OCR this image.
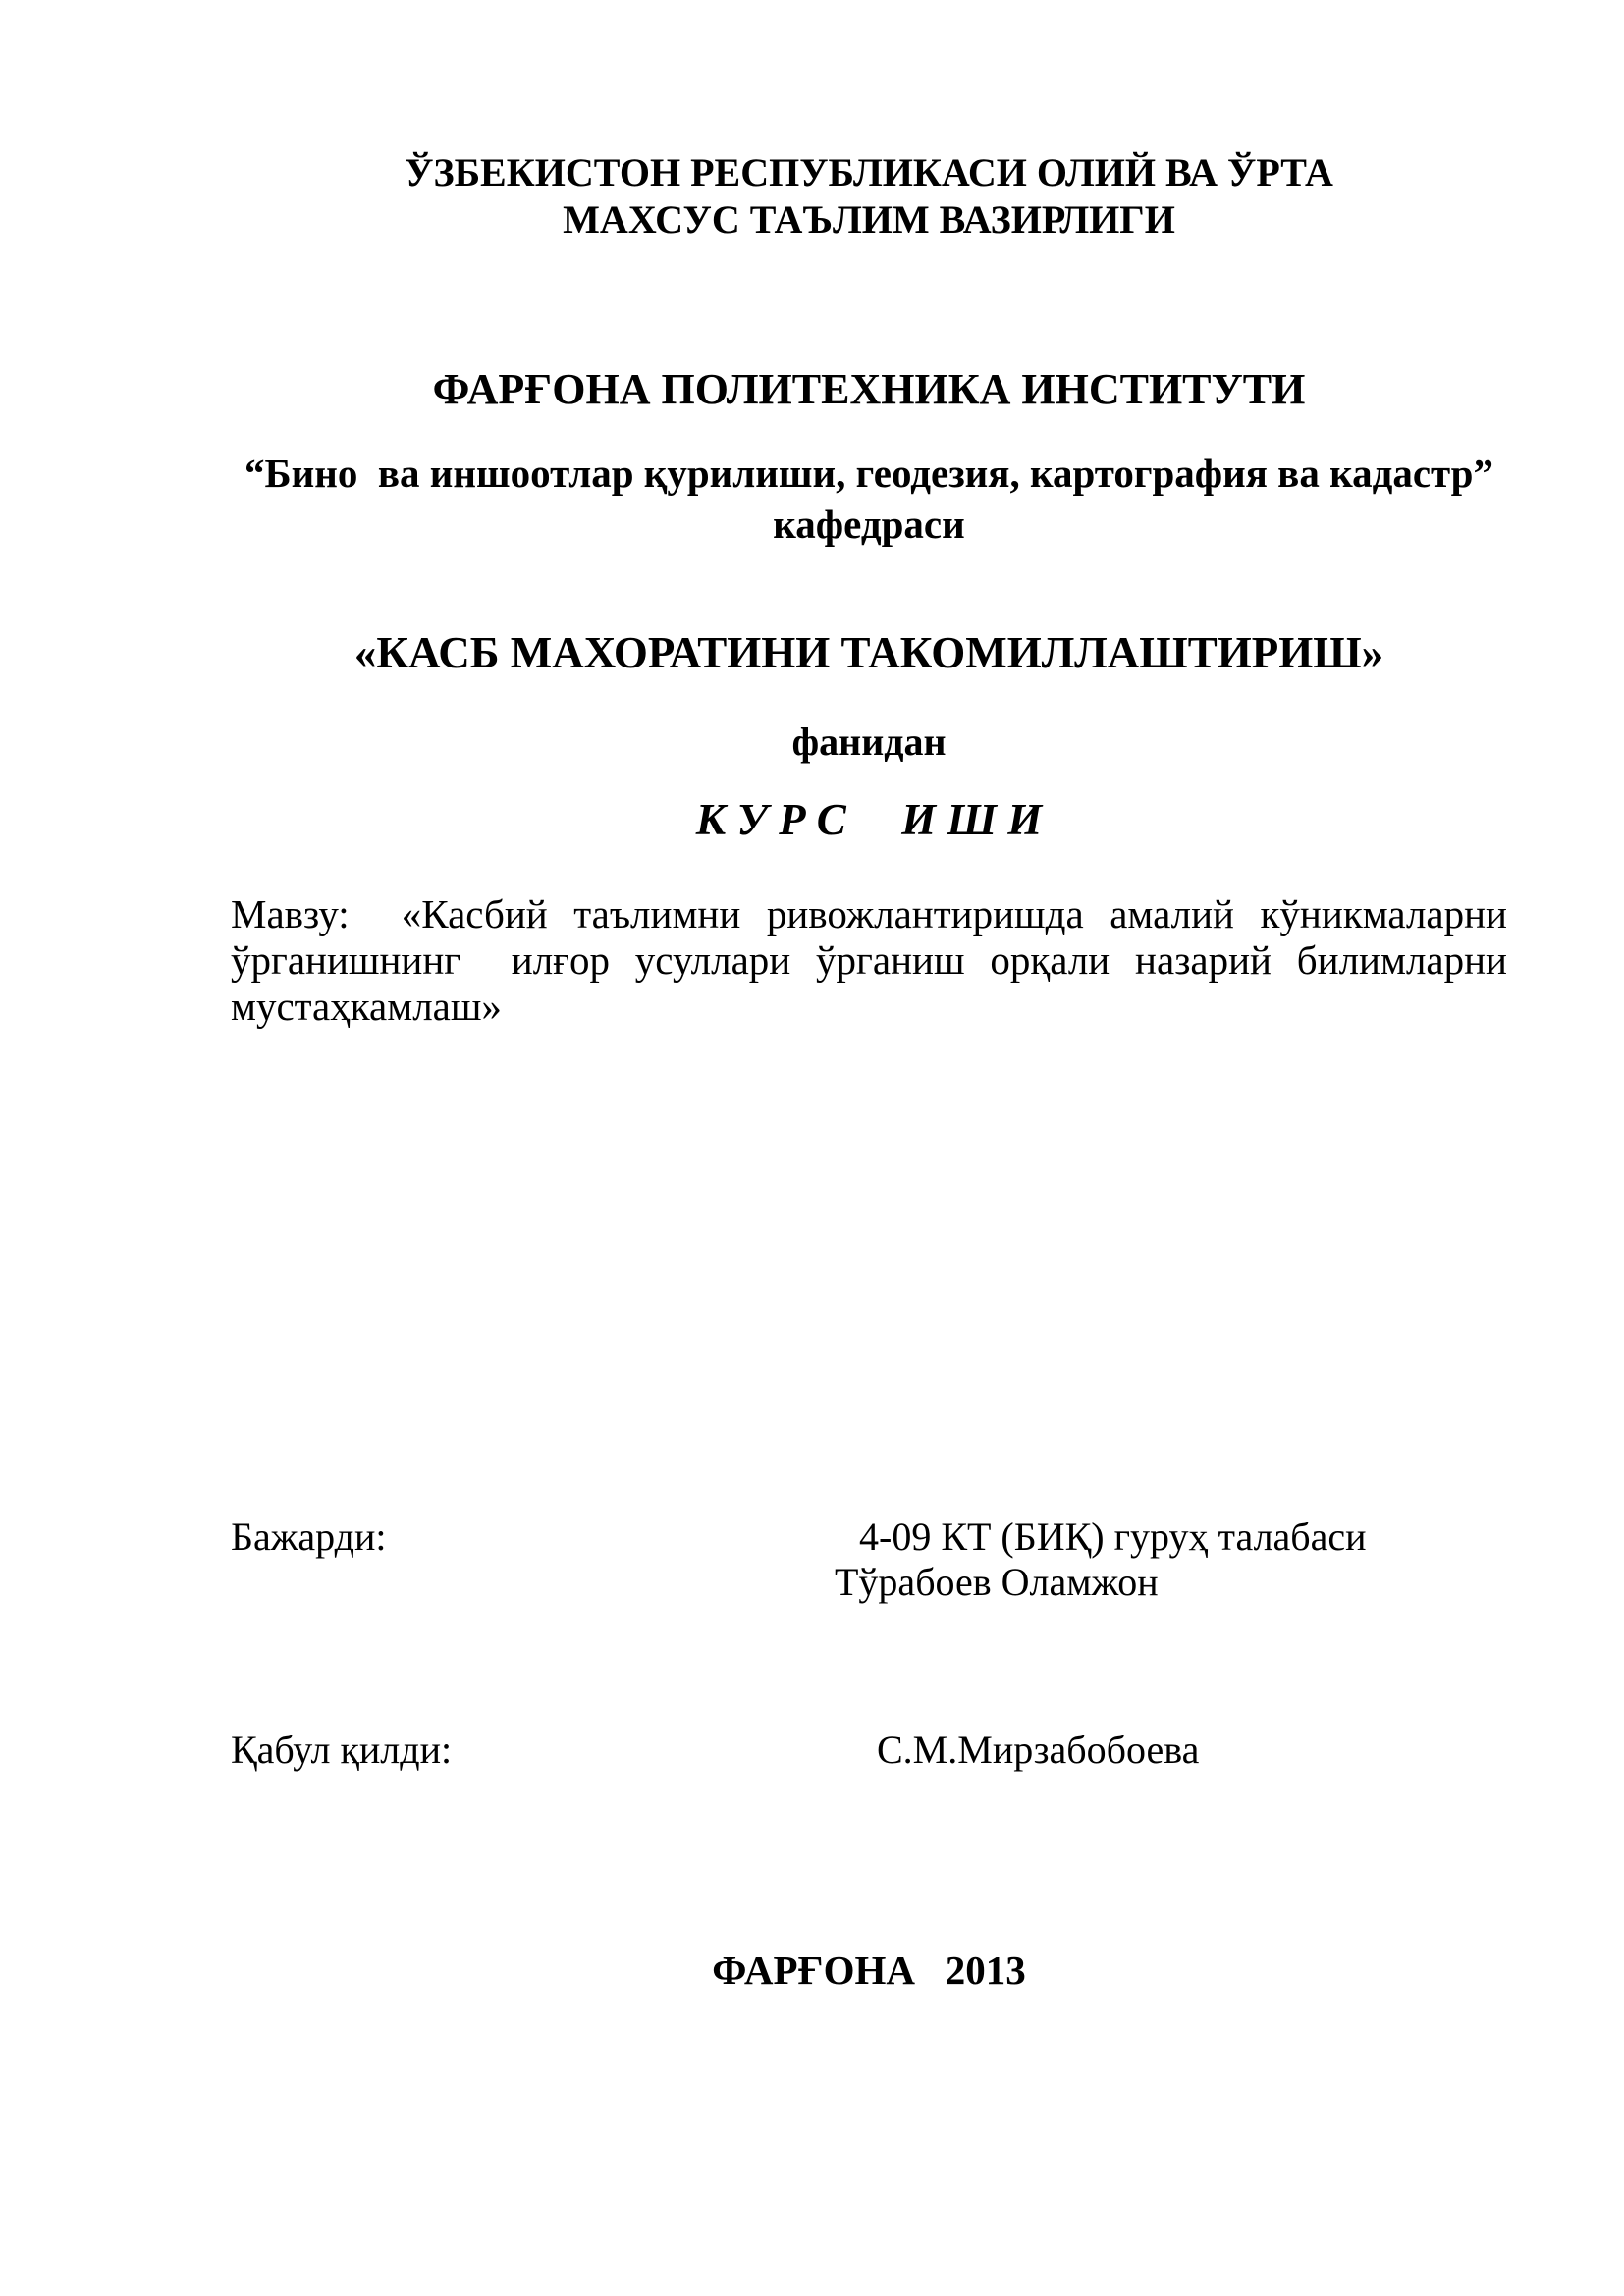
ЎЗБЕКИСТОН РЕСПУБЛИКАСИ ОЛИЙ ВА ЎРТА
МАХСУС ТАЪЛИМ ВАЗИРЛИГИ
ФАРҒОНА ПОЛИТЕХНИКА ИНСТИТУТИ
“Бино  ва иншоотлар қурилиши, геодезия, картография ва кадастр”
кафедраси
«КАСБ МАХОРАТИНИ ТАКОМИЛЛАШТИРИШ»
фанидан
К У Р С     И Ш И
Мавзу:  «Касбий таълимни ривожлантиришда амалий кўникмаларни
ўрганишнинг  илғор усуллари ўрганиш орқали назарий билимларни
мустаҳкамлаш»
Бажарди:	4-09 КТ (БИҚ) гуруҳ талабаси
Тўрабоев Оламжон
Қабул қилди:	С.М.Мирзабобоева
ФАРҒОНА   2013
